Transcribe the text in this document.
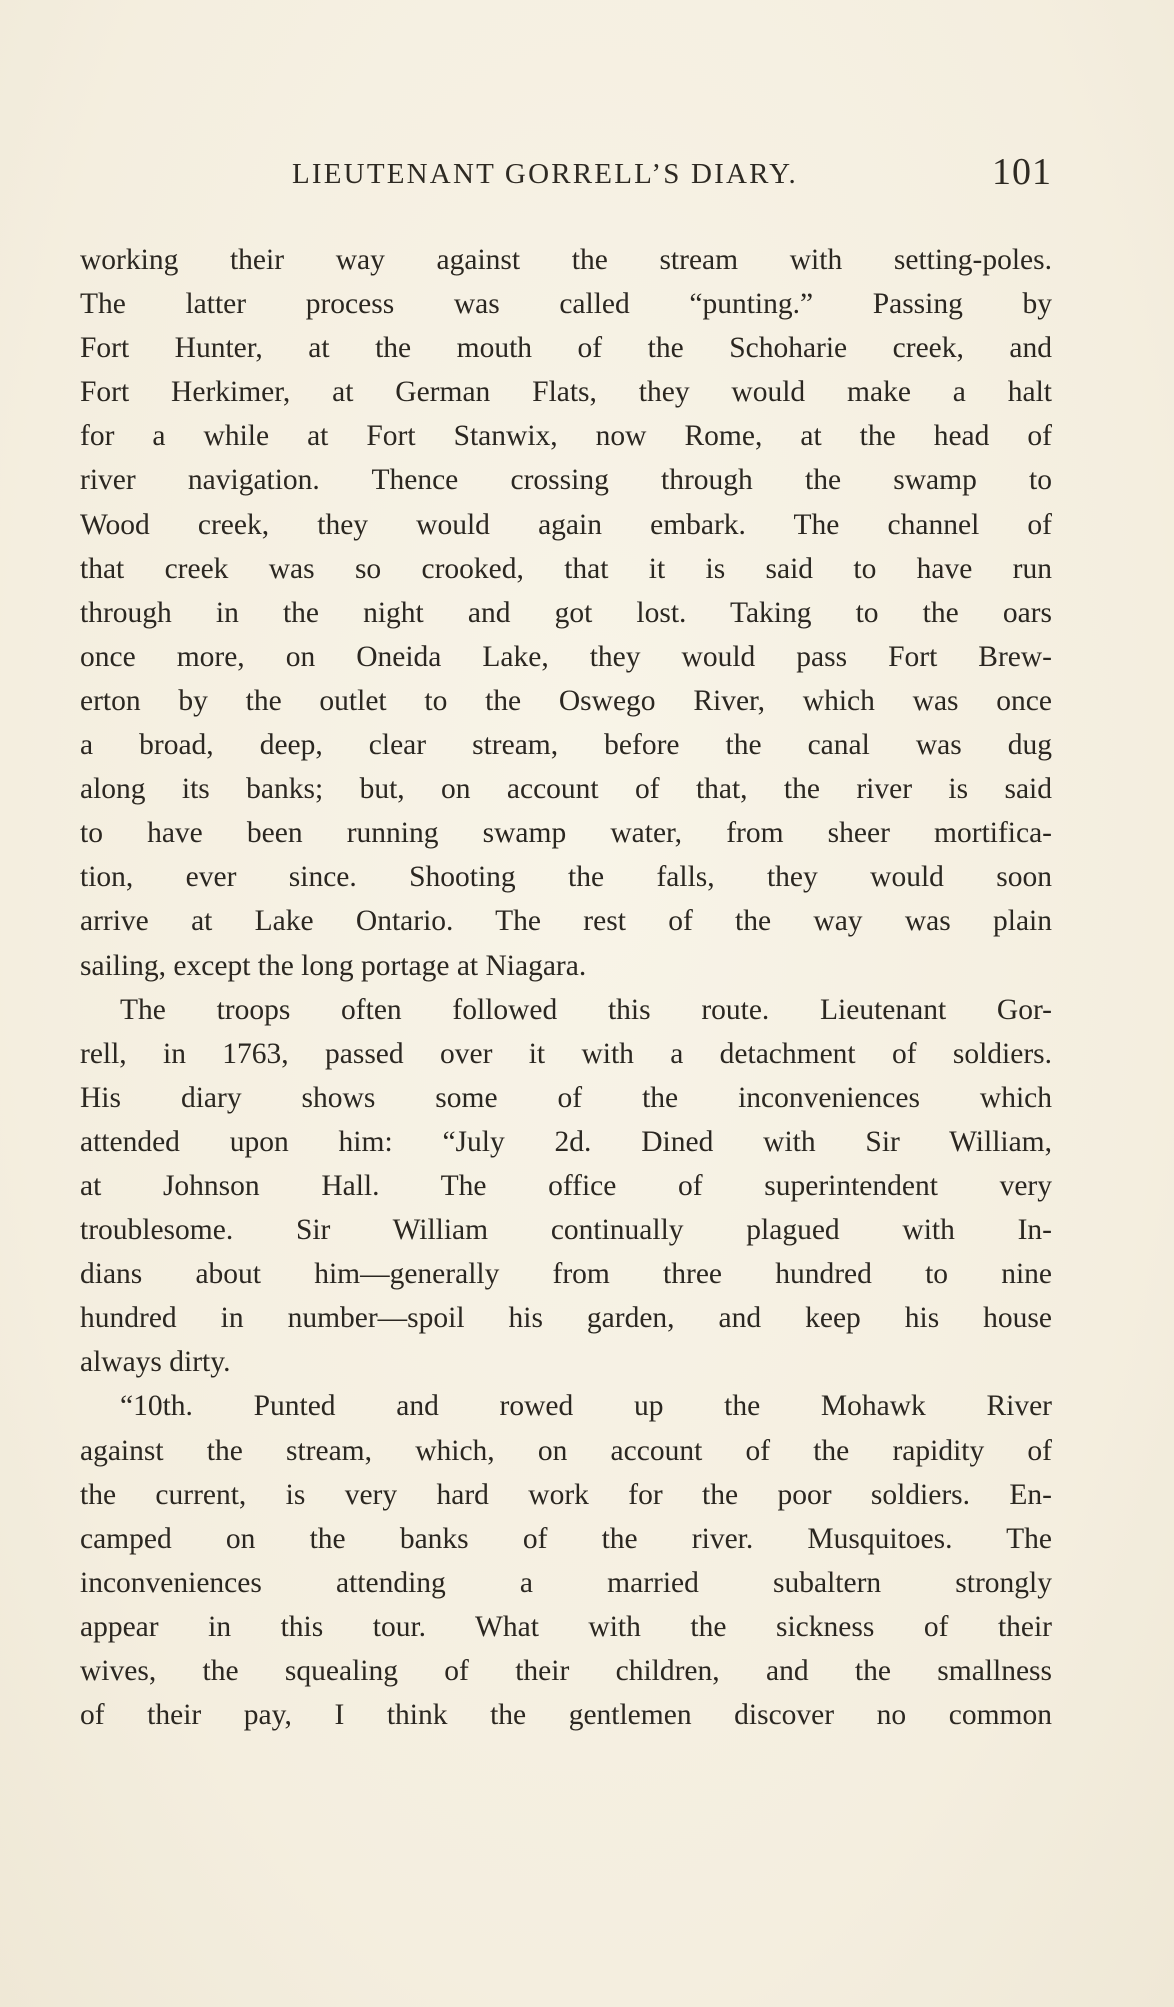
LIEUTENANT GORRELL’S DIARY.	101
working their way against the stream with setting-poles.
The latter process was called “punting.” Passing by
Fort Hunter, at the mouth of the Schoharie creek, and
Fort Herkimer, at German Flats, they would make a halt
for a while at Fort Stanwix, now Rome, at the head of
river navigation. Thence crossing through the swamp to
Wood creek, they would again embark. The channel of
that creek was so crooked, that it is said to have run
through in the night and got lost. Taking to the oars
once more, on Oneida Lake, they would pass Fort Brew-
erton by the outlet to the Oswego River, which was once
a broad, deep, clear stream, before the canal was dug
along its banks; but, on account of that, the river is said
to have been running swamp water, from sheer mortifica-
tion, ever since. Shooting the falls, they would soon
arrive at Lake Ontario. The rest of the way was plain
sailing, except the long portage at Niagara.
The troops often followed this route. Lieutenant Gor-
rell, in 1763, passed over it with a detachment of soldiers.
His diary shows some of the inconveniences which
attended upon him: “July 2d. Dined with Sir William,
at Johnson Hall. The office of superintendent very
troublesome. Sir William continually plagued with In-
dians about him—generally from three hundred to nine
hundred in number—spoil his garden, and keep his house
always dirty.
“10th. Punted and rowed up the Mohawk River
against the stream, which, on account of the rapidity of
the current, is very hard work for the poor soldiers. En-
camped on the banks of the river. Musquitoes. The
inconveniences attending a married subaltern strongly
appear in this tour. What with the sickness of their
wives, the squealing of their children, and the smallness
of their pay, I think the gentlemen discover no common
